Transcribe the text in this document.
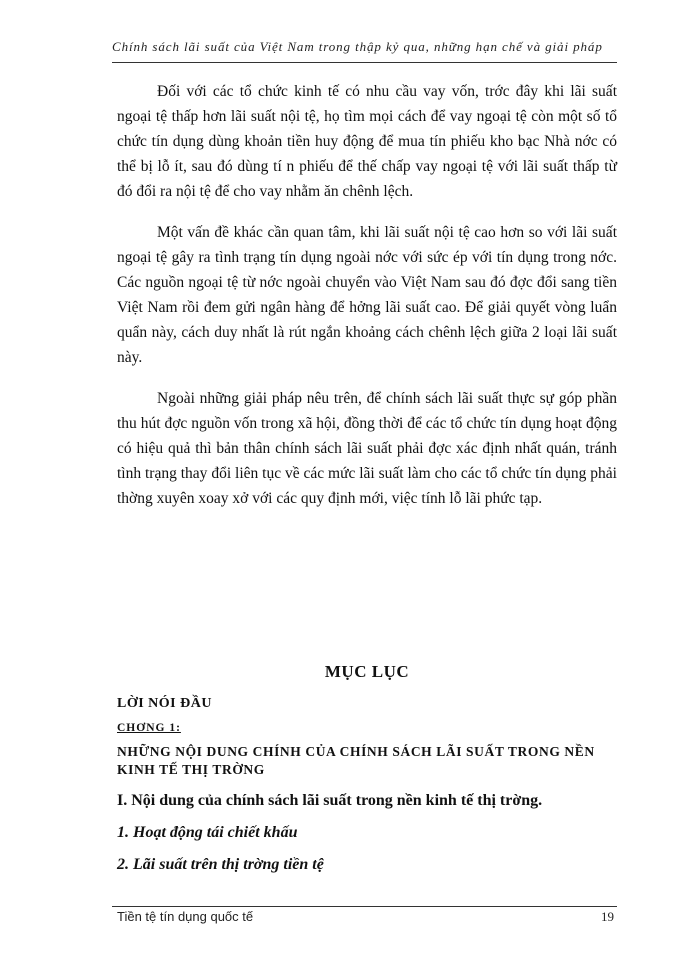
Chính sách lãi suất của Việt Nam trong thập kỷ qua, những hạn chế và giải pháp

Đối với các tổ chức kinh tế có nhu cầu vay vốn, trớc đây khi lãi suất ngoại tệ thấp hơn lãi suất nội tệ, họ tìm mọi cách để vay ngoại tệ còn một số tổ chức tín dụng dùng khoản tiền huy động để mua tín phiếu kho bạc Nhà nớc có thể bị lỗ ít, sau đó dùng tí n phiếu để thế chấp vay ngoại tệ với lãi suất thấp từ đó đổi ra nội tệ để cho vay nhằm ăn chênh lệch.

Một vấn đề khác cần quan tâm, khi lãi suất nội tệ cao hơn so với lãi suất ngoại tệ gây ra tình trạng tín dụng ngoài nớc với sức ép với tín dụng trong nớc. Các nguồn ngoại tệ từ nớc ngoài chuyển vào Việt Nam sau đó đợc đổi sang tiền Việt Nam rồi đem gửi ngân hàng để hởng lãi suất cao. Để giải quyết vòng luẩn quẩn này, cách duy nhất là rút ngắn khoảng cách chênh lệch giữa 2 loại lãi suất này.

Ngoài những giải pháp nêu trên, để chính sách lãi suất thực sự góp phần thu hút đợc nguồn vốn trong xã hội, đồng thời để các tổ chức tín dụng hoạt động có hiệu quả thì bản thân chính sách lãi suất phải đợc xác định nhất quán, tránh tình trạng thay đổi liên tục về các mức lãi suất làm cho các tổ chức tín dụng phải thờng xuyên xoay xở với các quy định mới, việc tính lỗ lãi phức tạp.

MỤC LỤC

LỜI NÓI ĐẦU

CHƠNG 1:

NHỮNG NỘI DUNG CHÍNH CỦA CHÍNH SÁCH LÃI SUẤT TRONG NỀN KINH TẾ THỊ TRỜNG

I. Nội dung của chính sách lãi suất trong nền kinh tế thị trờng.

1. Hoạt động tái chiết khấu

2. Lãi suất trên thị trờng tiền tệ

Tiền tệ tín dụng quốc tế	19
